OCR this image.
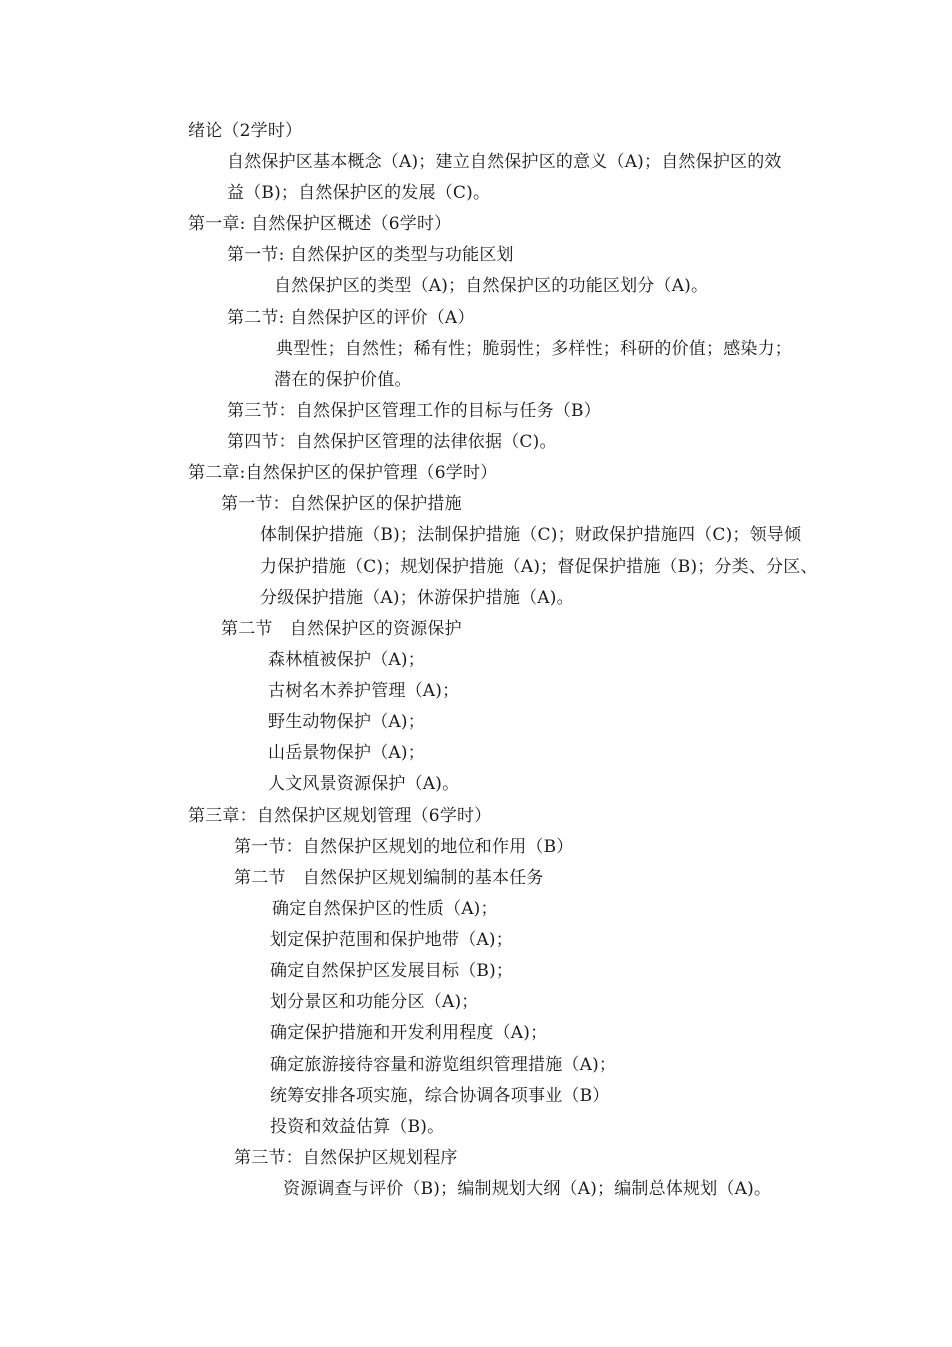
绪论（2学时）
自然保护区基本概念（A)；建立自然保护区的意义（A)；自然保护区的效
益（B)；自然保护区的发展（C)。
第一章: 自然保护区概述（6学时）
第一节: 自然保护区的类型与功能区划
自然保护区的类型（A)；自然保护区的功能区划分（A)。
第二节: 自然保护区的评价（A）
典型性；自然性；稀有性；脆弱性；多样性；科研的价值；感染力；
潜在的保护价值。
第三节：自然保护区管理工作的目标与任务（B）
第四节：自然保护区管理的法律依据（C)。
第二章:自然保护区的保护管理（6学时）
第一节：自然保护区的保护措施
体制保护措施（B)；法制保护措施（C)；财政保护措施四（C)；领导倾
力保护措施（C)；规划保护措施（A)；督促保护措施（B)；分类、分区、
分级保护措施（A)；休游保护措施（A)。
第二节　自然保护区的资源保护
森林植被保护（A)；
古树名木养护管理（A)；
野生动物保护（A)；
山岳景物保护（A)；
人文风景资源保护（A)。
第三章：自然保护区规划管理（6学时）
第一节：自然保护区规划的地位和作用（B）
第二节　自然保护区规划编制的基本任务
确定自然保护区的性质（A)；
划定保护范围和保护地带（A)；
确定自然保护区发展目标（B)；
划分景区和功能分区（A)；
确定保护措施和开发利用程度（A)；
确定旅游接待容量和游览组织管理措施（A)；
统筹安排各项实施，综合协调各项事业（B）
投资和效益估算（B)。
第三节：自然保护区规划程序
资源调查与评价（B)；编制规划大纲（A)；编制总体规划（A)。
